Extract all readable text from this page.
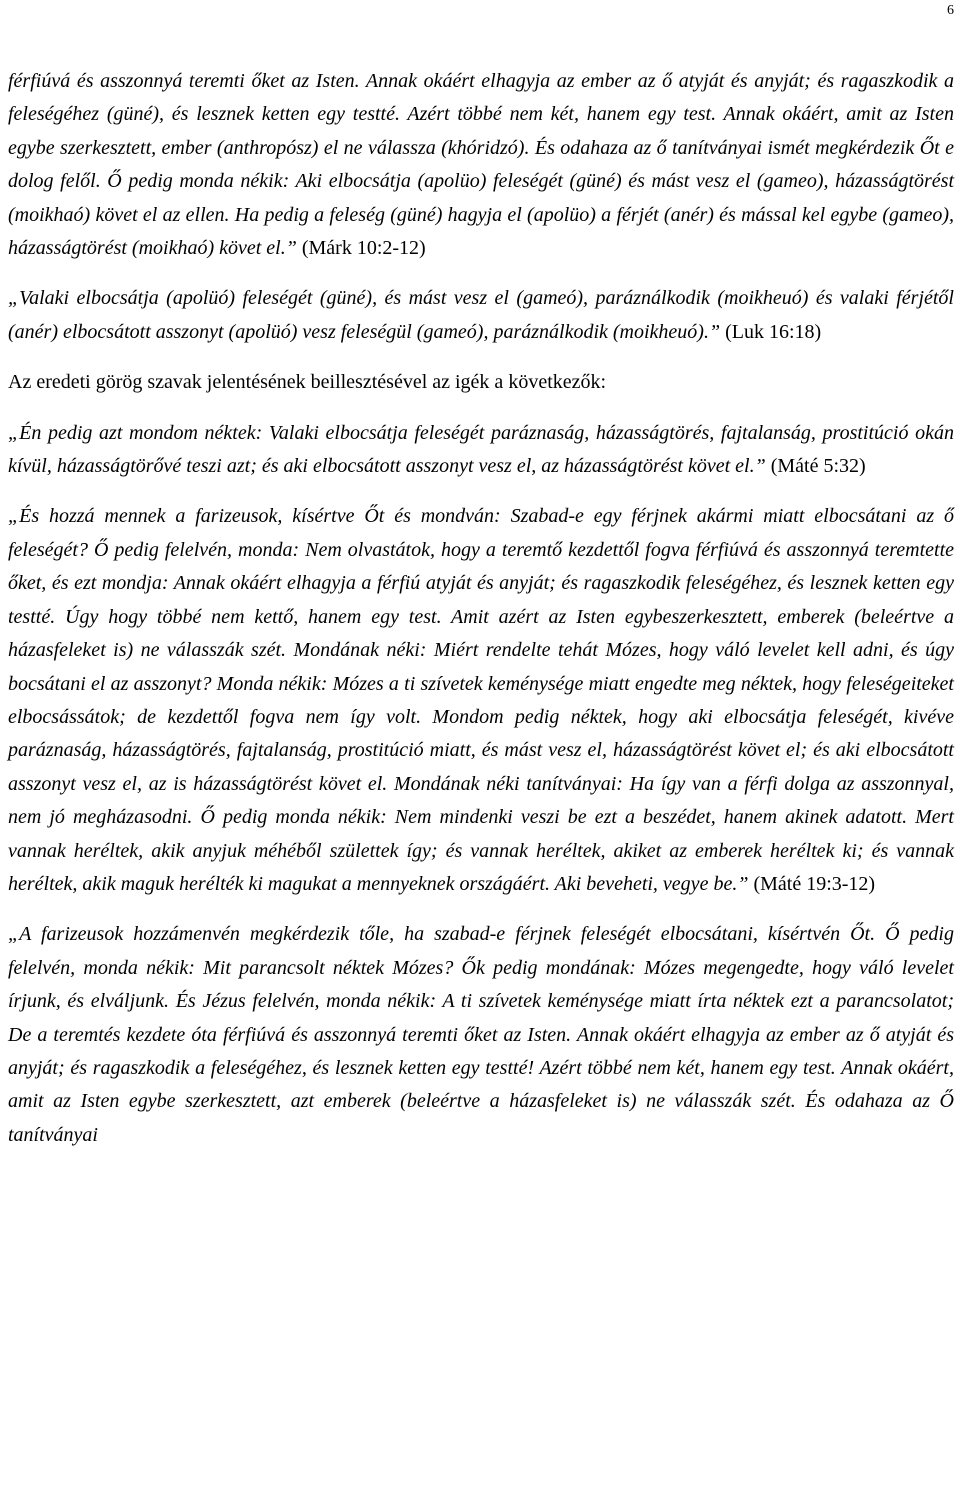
6

férfiúvá és asszonnyá teremti őket az Isten. Annak okáért elhagyja az ember az ő atyját és anyját; és ragaszkodik a feleségéhez (güné), és lesznek ketten egy testté. Azért többé nem két, hanem egy test. Annak okáért, amit az Isten egybe szerkesztett, ember (anthropósz) el ne válassza (khóridzó). És odahaza az ő tanítványai ismét megkérdezik Őt e dolog felől. Ő pedig monda nékik: Aki elbocsátja (apolüo) feleségét (güné) és mást vesz el (gameo), házasságtörést (moikhaó) követ el az ellen. Ha pedig a feleség (güné) hagyja el (apolüo) a férjét (anér) és mással kel egybe (gameo), házasságtörést (moikhaó) követ el.” (Márk 10:2-12)

„Valaki elbocsátja (apolüó) feleségét (güné), és mást vesz el (gameó), paráználkodik (moikheuó) és valaki férjétől (anér) elbocsátott asszonyt (apolüó) vesz feleségül (gameó), paráználkodik (moikheuó).” (Luk 16:18)

Az eredeti görög szavak jelentésének beillesztésével az igék a következők:

„Én pedig azt mondom néktek: Valaki elbocsátja feleségét paráznaság, házasságtörés, fajtalanság, prostitúció okán kívül, házasságtörővé teszi azt; és aki elbocsátott asszonyt vesz el, az házasságtörést követ el.” (Máté 5:32)

„És hozzá mennek a farizeusok, kísértve Őt és mondván: Szabad-e egy férjnek akármi miatt elbocsátani az ő feleségét? Ő pedig felelvén, monda: Nem olvastátok, hogy a teremtő kezdettől fogva férfiúvá és asszonnyá teremtette őket, és ezt mondja: Annak okáért elhagyja a férfiú atyját és anyját; és ragaszkodik feleségéhez, és lesznek ketten egy testté. Úgy hogy többé nem kettő, hanem egy test. Amit azért az Isten egybeszerkesztett, emberek (beleértve a házasfeleket is) ne válasszák szét. Mondának néki: Miért rendelte tehát Mózes, hogy váló levelet kell adni, és úgy bocsátani el az asszonyt? Monda nékik: Mózes a ti szívetek keménysége miatt engedte meg néktek, hogy feleségeiteket elbocsássátok; de kezdettől fogva nem így volt. Mondom pedig néktek, hogy aki elbocsátja feleségét, kivéve paráznaság, házasságtörés, fajtalanság, prostitúció miatt, és mást vesz el, házasságtörést követ el; és aki elbocsátott asszonyt vesz el, az is házasságtörést követ el. Mondának néki tanítványai: Ha így van a férfi dolga az asszonnyal, nem jó megházasodni. Ő pedig monda nékik: Nem mindenki veszi be ezt a beszédet, hanem akinek adatott. Mert vannak heréltek, akik anyjuk méhéből születtek így; és vannak heréltek, akiket az emberek heréltek ki; és vannak heréltek, akik maguk herélték ki magukat a mennyeknek országáért. Aki beveheti, vegye be.” (Máté 19:3-12)

„A farizeusok hozzámenvén megkérdezik tőle, ha szabad-e férjnek feleségét elbocsátani, kísértvén Őt. Ő pedig felelvén, monda nékik: Mit parancsolt néktek Mózes? Ők pedig mondának: Mózes megengedte, hogy váló levelet írjunk, és elváljunk. És Jézus felelvén, monda nékik: A ti szívetek keménysége miatt írta néktek ezt a parancsolatot; De a teremtés kezdete óta férfiúvá és asszonnyá teremti őket az Isten. Annak okáért elhagyja az ember az ő atyját és anyját; és ragaszkodik a feleségéhez, és lesznek ketten egy testté! Azért többé nem két, hanem egy test. Annak okáért, amit az Isten egybe szerkesztett, azt emberek (beleértve a házasfeleket is) ne válasszák szét. És odahaza az Ő tanítványai
